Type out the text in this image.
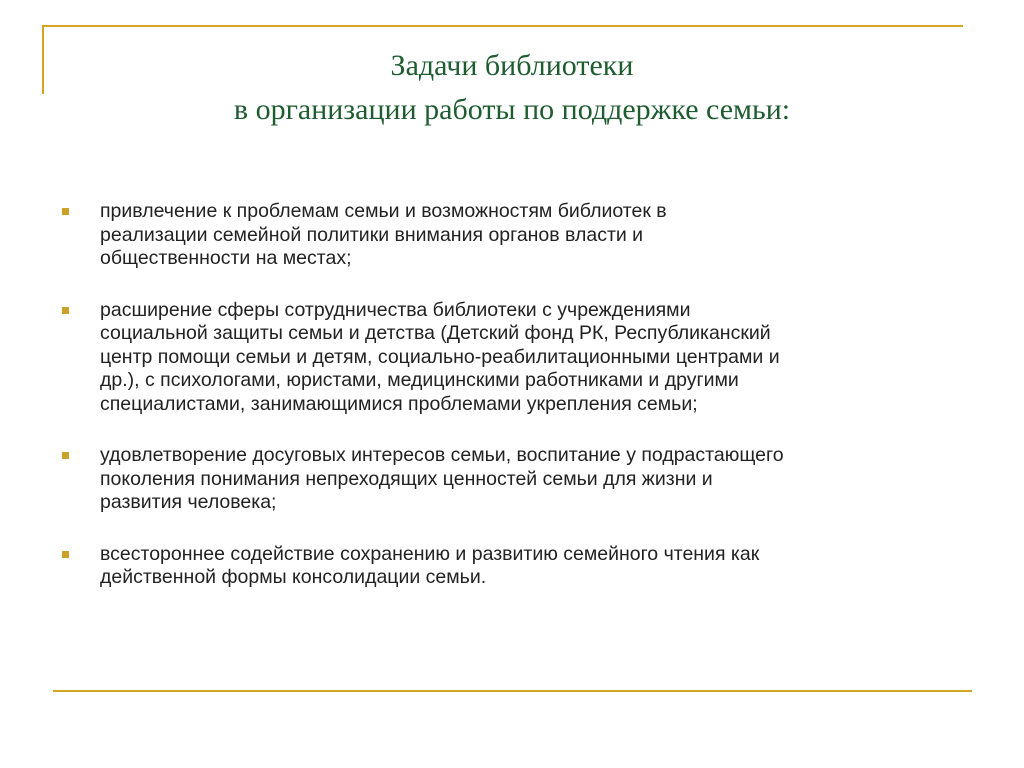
Задачи библиотеки
в организации работы по поддержке семьи:
привлечение к проблемам семьи и возможностям библиотек в
реализации семейной политики внимания органов власти и
общественности на местах;
расширение сферы сотрудничества библиотеки с учреждениями
социальной защиты семьи и детства (Детский фонд РК, Республиканский
центр помощи семьи и детям, социально-реабилитационными центрами и
др.), с психологами, юристами, медицинскими работниками и другими
специалистами, занимающимися проблемами укрепления семьи;
удовлетворение досуговых интересов семьи, воспитание у подрастающего
поколения понимания непреходящих ценностей семьи для жизни и
развития человека;
всестороннее содействие сохранению и развитию семейного чтения как
действенной формы консолидации семьи.
